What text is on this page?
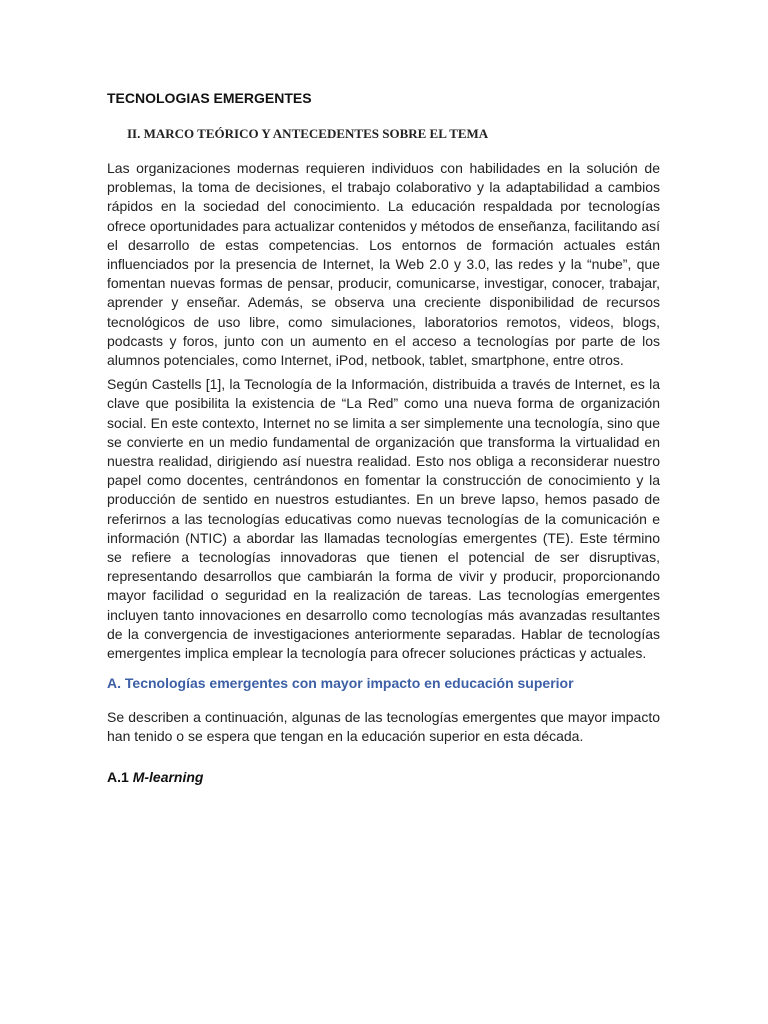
TECNOLOGIAS EMERGENTES
II. MARCO TEÓRICO Y ANTECEDENTES SOBRE EL TEMA

Las organizaciones modernas requieren individuos con habilidades en la solución de problemas, la toma de decisiones, el trabajo colaborativo y la adaptabilidad a cambios rápidos en la sociedad del conocimiento. La educación respaldada por tecnologías ofrece oportunidades para actualizar contenidos y métodos de enseñanza, facilitando así el desarrollo de estas competencias. Los entornos de formación actuales están influenciados por la presencia de Internet, la Web 2.0 y 3.0, las redes y la “nube”, que fomentan nuevas formas de pensar, producir, comunicarse, investigar, conocer, trabajar, aprender y enseñar. Además, se observa una creciente disponibilidad de recursos tecnológicos de uso libre, como simulaciones, laboratorios remotos, videos, blogs, podcasts y foros, junto con un aumento en el acceso a tecnologías por parte de los alumnos potenciales, como Internet, iPod, netbook, tablet, smartphone, entre otros.

Según Castells [1], la Tecnología de la Información, distribuida a través de Internet, es la clave que posibilita la existencia de “La Red” como una nueva forma de organización social. En este contexto, Internet no se limita a ser simplemente una tecnología, sino que se convierte en un medio fundamental de organización que transforma la virtualidad en nuestra realidad, dirigiendo así nuestra realidad. Esto nos obliga a reconsiderar nuestro papel como docentes, centrándonos en fomentar la construcción de conocimiento y la producción de sentido en nuestros estudiantes. En un breve lapso, hemos pasado de referirnos a las tecnologías educativas como nuevas tecnologías de la comunicación e información (NTIC) a abordar las llamadas tecnologías emergentes (TE). Este término se refiere a tecnologías innovadoras que tienen el potencial de ser disruptivas, representando desarrollos que cambiarán la forma de vivir y producir, proporcionando mayor facilidad o seguridad en la realización de tareas. Las tecnologías emergentes incluyen tanto innovaciones en desarrollo como tecnologías más avanzadas resultantes de la convergencia de investigaciones anteriormente separadas. Hablar de tecnologías emergentes implica emplear la tecnología para ofrecer soluciones prácticas y actuales.

A. Tecnologías emergentes con mayor impacto en educación superior

Se describen a continuación, algunas de las tecnologías emergentes que mayor impacto han tenido o se espera que tengan en la educación superior en esta década.

A.1 M-learning
